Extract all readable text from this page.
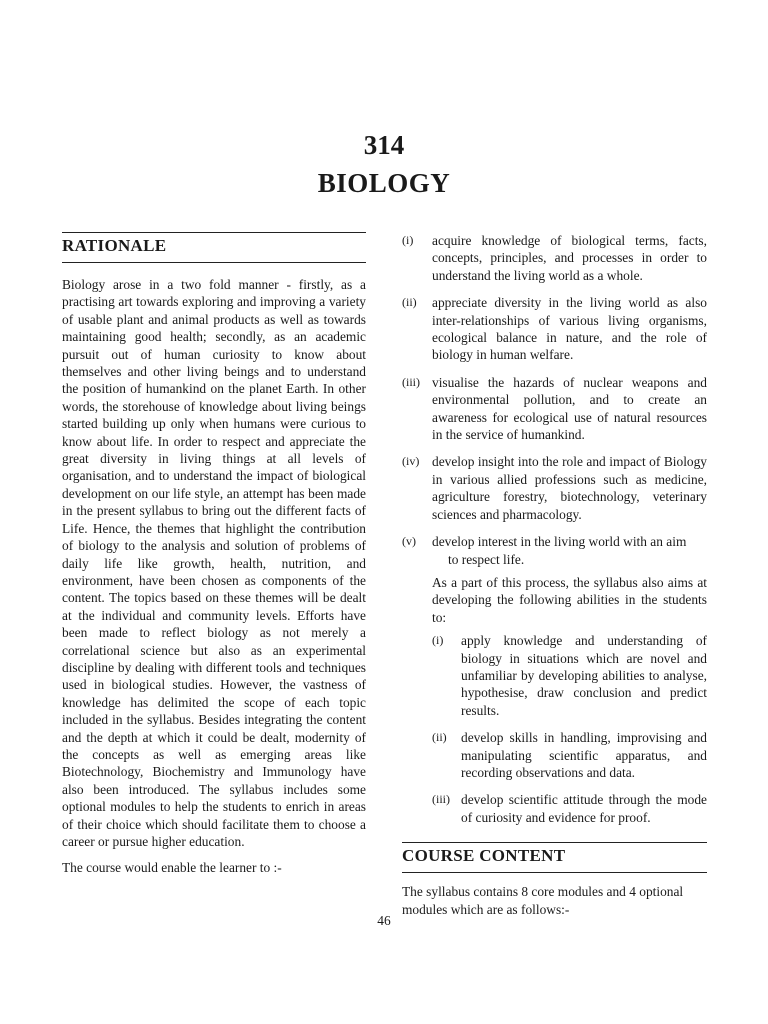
314
BIOLOGY
RATIONALE

Biology arose in a two fold manner - firstly, as a practising art towards exploring and improving a variety of usable plant and animal products as well as towards maintaining good health; secondly, as an academic pursuit out of human curiosity to know about themselves and other living beings and to understand the position of humankind on the planet Earth. In other words, the storehouse of knowledge about living beings started building up only when humans were curious to know about life. In order to respect and appreciate the great diversity in living things at all levels of organisation, and to understand the impact of biological development on our life style, an attempt has been made in the present syllabus to bring out the different facts of Life. Hence, the themes that highlight the contribution of biology to the analysis and solution of problems of daily life like growth, health, nutrition, and environment, have been chosen as components of the content. The topics based on these themes will be dealt at the individual and community levels. Efforts have been made to reflect biology as not merely a correlational science but also as an experimental discipline by dealing with different tools and techniques used in biological studies. However, the vastness of knowledge has delimited the scope of each topic included in the syllabus. Besides integrating the content and the depth at which it could be dealt, modernity of the concepts as well as emerging areas like Biotechnology, Biochemistry and Immunology have also been introduced. The syllabus includes some optional modules to help the students to enrich in areas of their choice which should facilitate them to choose a career or pursue higher education.

The course would enable the learner to :-

(i) acquire knowledge of biological terms, facts, concepts, principles, and processes in order to understand the living world as a whole.
(ii) appreciate diversity in the living world as also inter-relationships of various living organisms, ecological balance in nature, and the role of biology in human welfare.
(iii) visualise the hazards of nuclear weapons and environmental pollution, and to create an awareness for ecological use of natural resources in the service of humankind.
(iv) develop insight into the role and impact of Biology in various allied professions such as medicine, agriculture forestry, biotechnology, veterinary sciences and pharmacology.
(v) develop interest in the living world with an aim
to respect life.

As a part of this process, the syllabus also aims at developing the following abilities in the students to:

(i) apply knowledge and understanding of biology in situations which are novel and unfamiliar by developing abilities to analyse, hypothesise, draw conclusion and predict results.
(ii) develop skills in handling, improvising and manipulating scientific apparatus, and recording observations and data.
(iii) develop scientific attitude through the mode of curiosity and evidence for proof.
COURSE CONTENT

The syllabus contains 8 core modules and 4 optional modules which are as follows:-

46
